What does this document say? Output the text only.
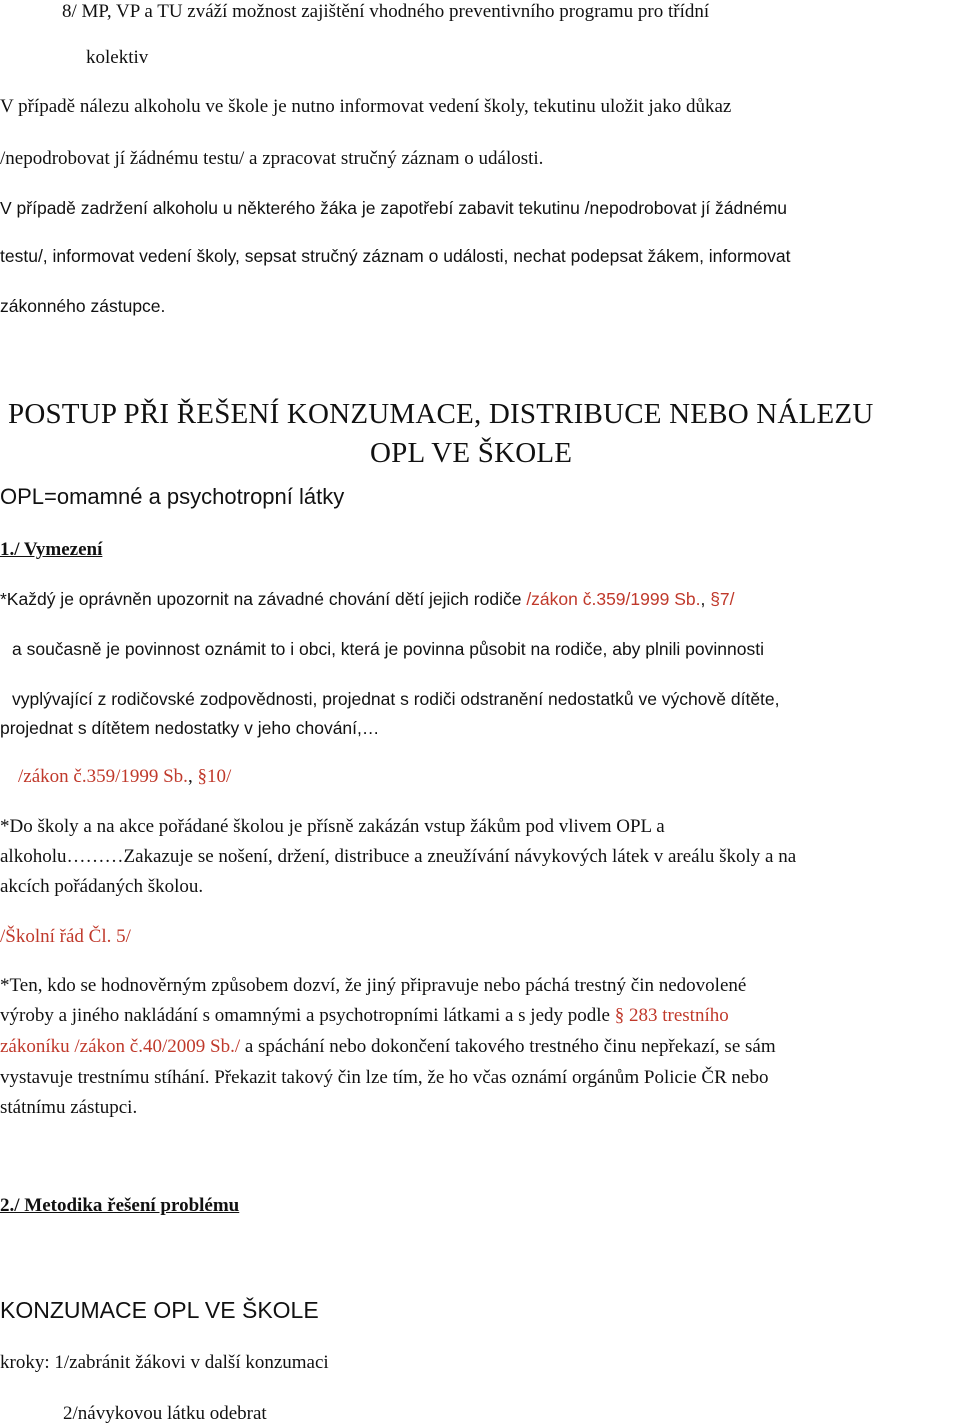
8/ MP, VP a TU zváží možnost zajištění vhodného preventivního programu pro třídní
kolektiv
V případě nálezu alkoholu ve škole je nutno informovat vedení školy, tekutinu uložit jako důkaz
/nepodrobovat jí žádnému testu/ a zpracovat stručný záznam o události.
V případě zadržení alkoholu u některého žáka je zapotřebí zabavit tekutinu /nepodrobovat jí žádnému
testu/, informovat vedení školy, sepsat stručný záznam o události, nechat podepsat žákem, informovat
zákonného zástupce.
POSTUP PŘI ŘEŠENÍ KONZUMACE, DISTRIBUCE NEBO NÁLEZU
OPL VE ŠKOLE
OPL=omamné a psychotropní látky
1./ Vymezení
*Každý je oprávněn upozornit na závadné chování dětí jejich rodiče /zákon č.359/1999 Sb., §7/
a současně je povinnost oznámit to i obci, která je povinna působit na rodiče, aby plnili povinnosti
vyplývající z rodičovské zodpovědnosti, projednat s rodiči odstranění nedostatků ve výchově dítěte,
projednat s dítětem nedostatky v jeho chování,…
/zákon č.359/1999 Sb., §10/
*Do školy a na akce pořádané školou je přísně zakázán vstup žákům pod vlivem OPL a
alkoholu………Zakazuje se nošení, držení, distribuce a zneužívání návykových látek v areálu školy a na
akcích pořádaných školou.
/Školní řád Čl. 5/
*Ten, kdo se hodnověrným způsobem dozví, že jiný připravuje nebo páchá trestný čin nedovolené
výroby a jiného nakládání s omamnými a psychotropními látkami a s jedy podle § 283 trestního
zákoníku /zákon č.40/2009 Sb./ a spáchání nebo dokončení takového trestného činu nepřekazí, se sám
vystavuje trestnímu stíhání. Překazit takový čin lze tím, že ho včas oznámí orgánům Policie ČR nebo
státnímu zástupci.
2./ Metodika řešení problému
KONZUMACE OPL VE ŠKOLE
kroky: 1/zabránit žákovi v další konzumaci
2/návykovou látku odebrat
